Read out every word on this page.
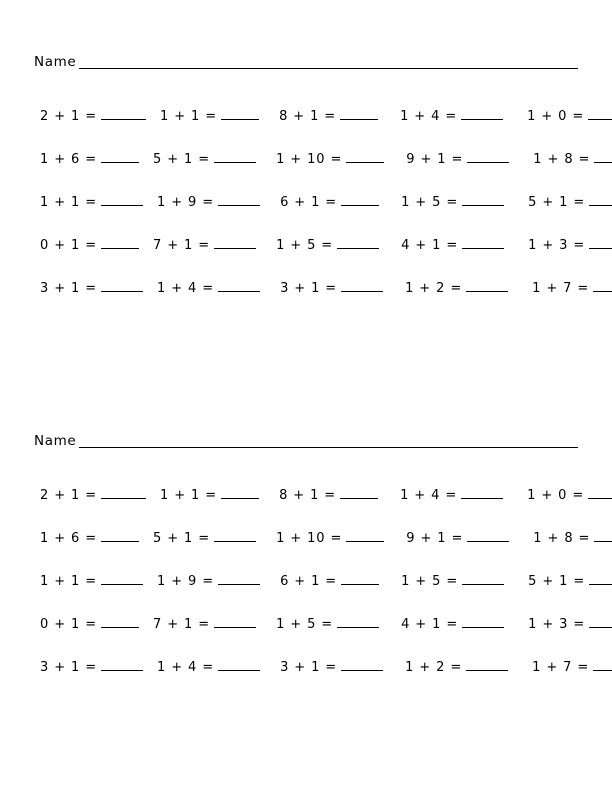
Name
2 + 1 =	1 + 1 =	8 + 1 =	1 + 4 =	1 + 0 =
1 + 6 =	5 + 1 =	1 + 10 =	9 + 1 =	1 + 8 =
1 + 1 =	1 + 9 =	6 + 1 =	1 + 5 =	5 + 1 =
0 + 1 =	7 + 1 =	1 + 5 =	4 + 1 =	1 + 3 =
3 + 1 =	1 + 4 =	3 + 1 =	1 + 2 =	1 + 7 =
Name
2 + 1 =	1 + 1 =	8 + 1 =	1 + 4 =	1 + 0 =
1 + 6 =	5 + 1 =	1 + 10 =	9 + 1 =	1 + 8 =
1 + 1 =	1 + 9 =	6 + 1 =	1 + 5 =	5 + 1 =
0 + 1 =	7 + 1 =	1 + 5 =	4 + 1 =	1 + 3 =
3 + 1 =	1 + 4 =	3 + 1 =	1 + 2 =	1 + 7 =
